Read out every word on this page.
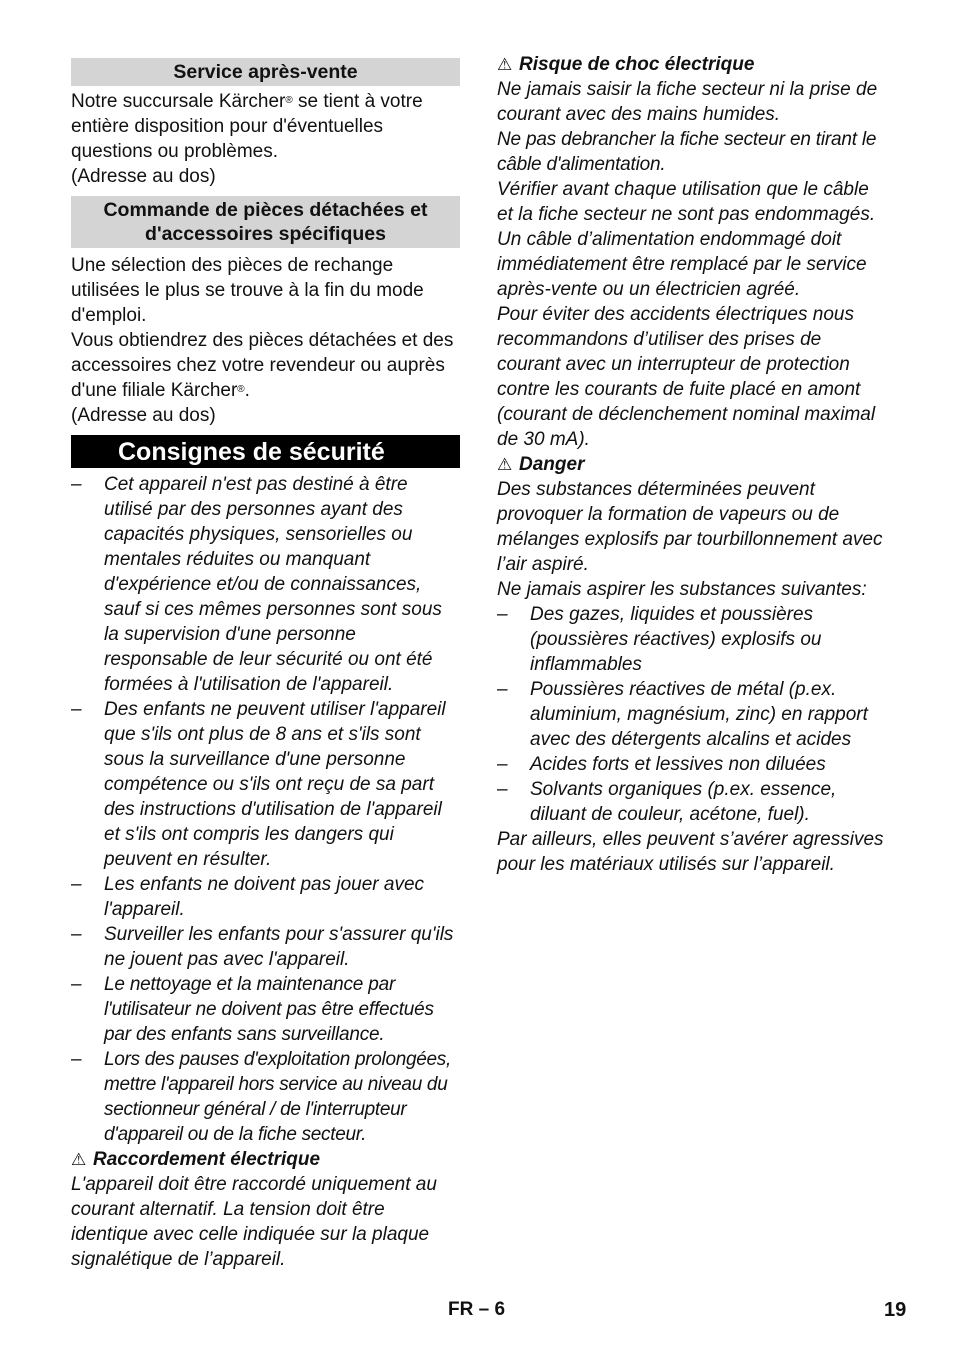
Service après-vente

Notre succursale Kärcher® se tient à votre entière disposition pour d'éventuelles questions ou problèmes.

(Adresse au dos)

Commande de pièces détachées et d'accessoires spécifiques

Une sélection des pièces de rechange utilisées le plus se trouve à la fin du mode d'emploi.

Vous obtiendrez des pièces détachées et des accessoires chez votre revendeur ou auprès d'une filiale Kärcher®.

(Adresse au dos)

Consignes de sécurité
– Cet appareil n'est pas destiné à être utilisé par des personnes ayant des capacités physiques, sensorielles ou mentales réduites ou manquant d'expérience et/ou de connaissances, sauf si ces mêmes personnes sont sous la supervision d'une personne responsable de leur sécurité ou ont été formées à l'utilisation de l'appareil.
– Des enfants ne peuvent utiliser l'appareil que s'ils ont plus de 8 ans et s'ils sont sous la surveillance d'une personne compétence ou s'ils ont reçu de sa part des instructions d'utilisation de l'appareil et s'ils ont compris les dangers qui peuvent en résulter.
– Les enfants ne doivent pas jouer avec l'appareil.
– Surveiller les enfants pour s'assurer qu'ils ne jouent pas avec l'appareil.
– Le nettoyage et la maintenance par l'utilisateur ne doivent pas être effectués par des enfants sans surveillance.
– Lors des pauses d'exploitation prolongées, mettre l'appareil hors service au niveau du sectionneur général / de l'interrupteur d'appareil ou de la fiche secteur.

⚠ Raccordement électrique

L'appareil doit être raccordé uniquement au courant alternatif. La tension doit être identique avec celle indiquée sur la plaque signalétique de l’appareil.

⚠ Risque de choc électrique

Ne jamais saisir la fiche secteur ni la prise de courant avec des mains humides.

Ne pas debrancher la fiche secteur en tirant le câble d'alimentation.

Vérifier avant chaque utilisation que le câble et la fiche secteur ne sont pas endommagés. Un câble d’alimentation endommagé doit immédiatement être remplacé par le service après-vente ou un électricien agréé.

Pour éviter des accidents électriques nous recommandons d’utiliser des prises de courant avec un interrupteur de protection contre les courants de fuite placé en amont (courant de déclenchement nominal maximal de 30 mA).

⚠ Danger

Des substances déterminées peuvent provoquer la formation de vapeurs ou de mélanges explosifs par tourbillonnement avec l’air aspiré.

Ne jamais aspirer les substances suivantes:

– Des gazes, liquides et poussières (poussières réactives) explosifs ou inflammables
– Poussières réactives de métal (p.ex. aluminium, magnésium, zinc) en rapport avec des détergents alcalins et acides
– Acides forts et lessives non diluées
– Solvants organiques (p.ex. essence, diluant de couleur, acétone, fuel).

Par ailleurs, elles peuvent s’avérer agressives pour les matériaux utilisés sur l’appareil.

FR – 6	19
